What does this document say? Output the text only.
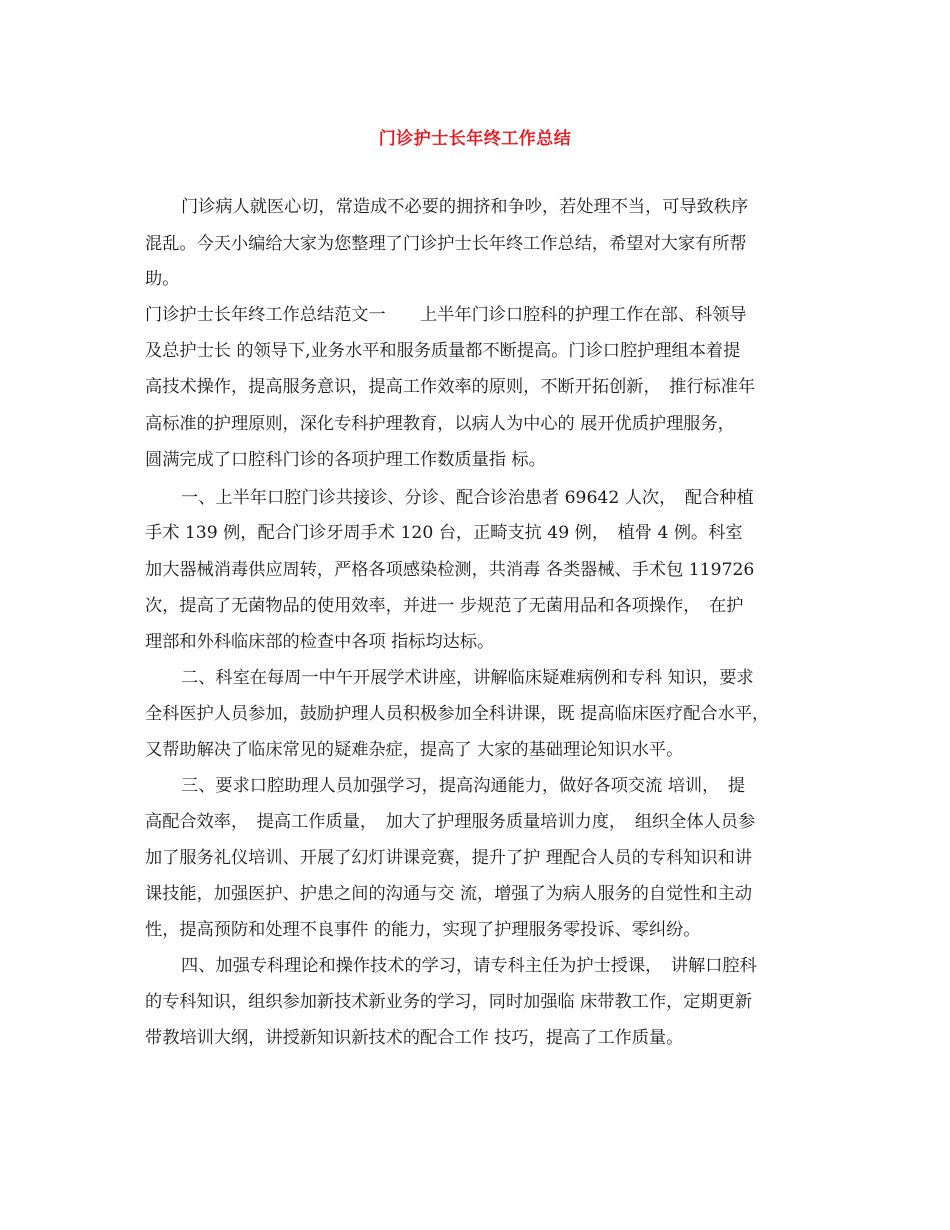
门诊护士长年终工作总结
门诊病人就医心切，常造成不必要的拥挤和争吵，若处理不当，可导致秩序
混乱。今天小编给大家为您整理了门诊护士长年终工作总结，希望对大家有所帮
助。
门诊护士长年终工作总结范文一　　上半年门诊口腔科的护理工作在部、科领导
及总护士长 的领导下,业务水平和服务质量都不断提高。门诊口腔护理组本着提
高技术操作，提高服务意识，提高工作效率的原则，不断开拓创新，　推行标准年
高标准的护理原则，深化专科护理教育，以病人为中心的 展开优质护理服务，
圆满完成了口腔科门诊的各项护理工作数质量指 标。
一、上半年口腔门诊共接诊、分诊、配合诊治患者 69642 人次，　配合种植
手术 139 例，配合门诊牙周手术 120 台，正畸支抗 49 例，　植骨 4 例。科室
加大器械消毒供应周转，严格各项感染检测，共消毒 各类器械、手术包 119726
次，提高了无菌物品的使用效率，并进一 步规范了无菌用品和各项操作，　在护
理部和外科临床部的检查中各项 指标均达标。
二、科室在每周一中午开展学术讲座，讲解临床疑难病例和专科 知识，要求
全科医护人员参加，鼓励护理人员积极参加全科讲课，既 提高临床医疗配合水平，
又帮助解决了临床常见的疑难杂症，提高了 大家的基础理论知识水平。
三、要求口腔助理人员加强学习，提高沟通能力，做好各项交流 培训，　提
高配合效率，　提高工作质量，　加大了护理服务质量培训力度，　组织全体人员参
加了服务礼仪培训、开展了幻灯讲课竞赛，提升了护 理配合人员的专科知识和讲
课技能，加强医护、护患之间的沟通与交 流，增强了为病人服务的自觉性和主动
性，提高预防和处理不良事件 的能力，实现了护理服务零投诉、零纠纷。
四、加强专科理论和操作技术的学习，请专科主任为护士授课，　讲解口腔科
的专科知识，组织参加新技术新业务的学习，同时加强临 床带教工作，定期更新
带教培训大纲，讲授新知识新技术的配合工作 技巧，提高了工作质量。
